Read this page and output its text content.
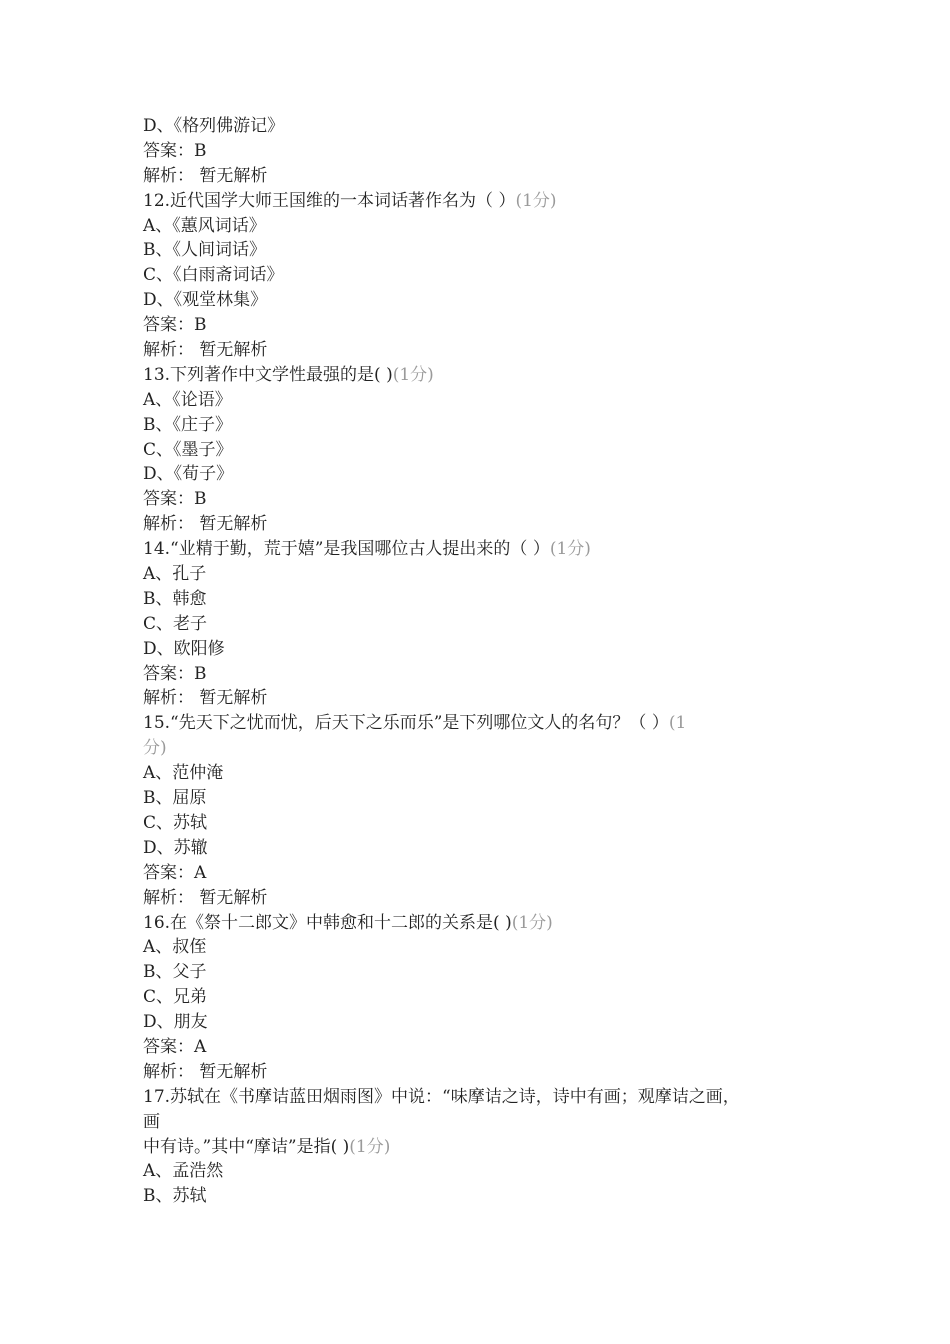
D、《格列佛游记》
答案：B
解析： 暂无解析
12.近代国学大师王国维的一本词话著作名为（ ）(1分)
A、《蕙风词话》
B、《人间词话》
C、《白雨斋词话》
D、《观堂林集》
答案：B
解析： 暂无解析
13.下列著作中文学性最强的是( )(1分)
A、《论语》
B、《庄子》
C、《墨子》
D、《荀子》
答案：B
解析： 暂无解析
14.“业精于勤，荒于嬉”是我国哪位古人提出来的（ ）(1分)
A、孔子
B、韩愈
C、老子
D、欧阳修
答案：B
解析： 暂无解析
15.“先天下之忧而忧，后天下之乐而乐”是下列哪位文人的名句？（ ）(1
分)
A、范仲淹
B、屈原
C、苏轼
D、苏辙
答案：A
解析： 暂无解析
16.在《祭十二郎文》中韩愈和十二郎的关系是( )(1分)
A、叔侄
B、父子
C、兄弟
D、朋友
答案：A
解析： 暂无解析
17.苏轼在《书摩诘蓝田烟雨图》中说：“味摩诘之诗，诗中有画；观摩诘之画，
画
中有诗。”其中“摩诘”是指( )(1分)
A、孟浩然
B、苏轼
